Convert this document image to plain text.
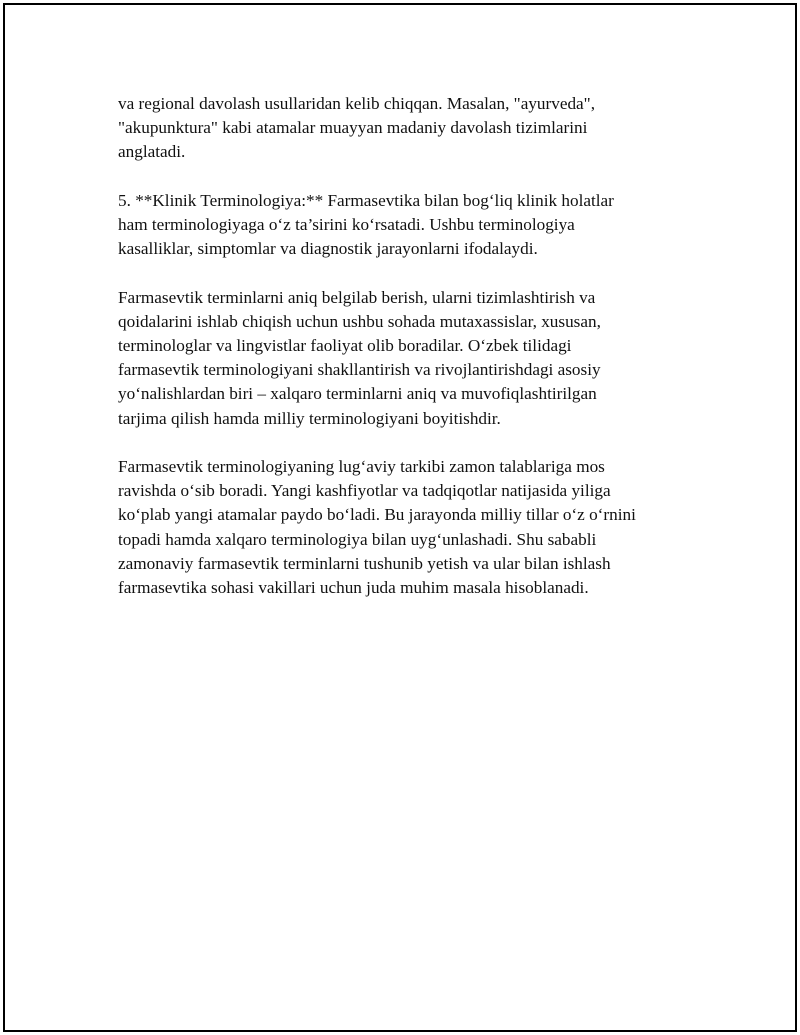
va regional davolash usullaridan kelib chiqqan. Masalan, "ayurveda",
"akupunktura" kabi atamalar muayyan madaniy davolash tizimlarini
anglatadi.

5. **Klinik Terminologiya:** Farmasevtika bilan bog‘liq klinik holatlar
ham terminologiyaga o‘z ta’sirini ko‘rsatadi. Ushbu terminologiya
kasalliklar, simptomlar va diagnostik jarayonlarni ifodalaydi.

Farmasevtik terminlarni aniq belgilab berish, ularni tizimlashtirish va
qoidalarini ishlab chiqish uchun ushbu sohada mutaxassislar, xususan,
terminologlar va lingvistlar faoliyat olib boradilar. O‘zbek tilidagi
farmasevtik terminologiyani shakllantirish va rivojlantirishdagi asosiy
yo‘nalishlardan biri – xalqaro terminlarni aniq va muvofiqlashtirilgan
tarjima qilish hamda milliy terminologiyani boyitishdir.

Farmasevtik terminologiyaning lug‘aviy tarkibi zamon talablariga mos
ravishda o‘sib boradi. Yangi kashfiyotlar va tadqiqotlar natijasida yiliga
ko‘plab yangi atamalar paydo bo‘ladi. Bu jarayonda milliy tillar o‘z o‘rnini
topadi hamda xalqaro terminologiya bilan uyg‘unlashadi. Shu sababli
zamonaviy farmasevtik terminlarni tushunib yetish va ular bilan ishlash
farmasevtika sohasi vakillari uchun juda muhim masala hisoblanadi.
